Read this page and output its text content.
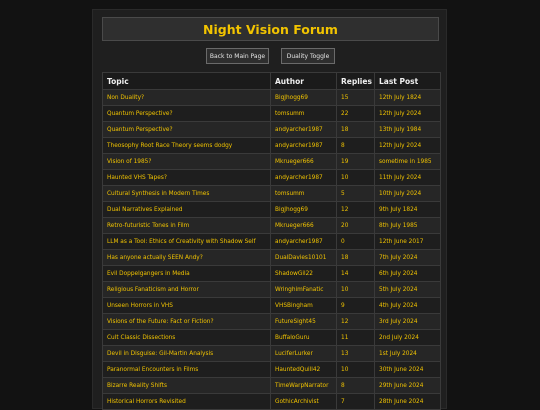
Night Vision Forum
Back to Main Page	Duality Toggle
Topic	Author	Replies	Last Post
Non Duality?	BigJhogg69	15	12th July 1824
Quantum Perspective?	tomsumm	22	12th July 2024
Quantum Perspective?	andyarcher1987	18	13th July 1984
Theosophy Root Race Theory seems dodgy	andyarcher1987	8	12th July 2024
Vision of 1985?	Mkrueger666	19	sometime in 1985
Haunted VHS Tapes?	andyarcher1987	10	11th July 2024
Cultural Synthesis in Modern Times	tomsumm	5	10th July 2024
Dual Narratives Explained	BigJhogg69	12	9th July 1824
Retro-futuristic Tones in Film	Mkrueger666	20	8th July 1985
LLM as a Tool: Ethics of Creativity with Shadow Self	andyarcher1987	0	12th June 2017
Has anyone actually SEEN Andy?	DualDavies10101	18	7th July 2024
Evil Doppelgangers in Media	ShadowGil22	14	6th July 2024
Religious Fanaticism and Horror	WringhimFanatic	10	5th July 2024
Unseen Horrors in VHS	VHSBingham	9	4th July 2024
Visions of the Future: Fact or Fiction?	FutureSight45	12	3rd July 2024
Cult Classic Dissections	BuffaloGuru	11	2nd July 2024
Devil in Disguise: Gil-Martin Analysis	LuciferLurker	13	1st July 2024
Paranormal Encounters in Films	HauntedQuill42	10	30th June 2024
Bizarre Reality Shifts	TimeWarpNarrator	8	29th June 2024
Historical Horrors Revisited	GothicArchivist	7	28th June 2024
